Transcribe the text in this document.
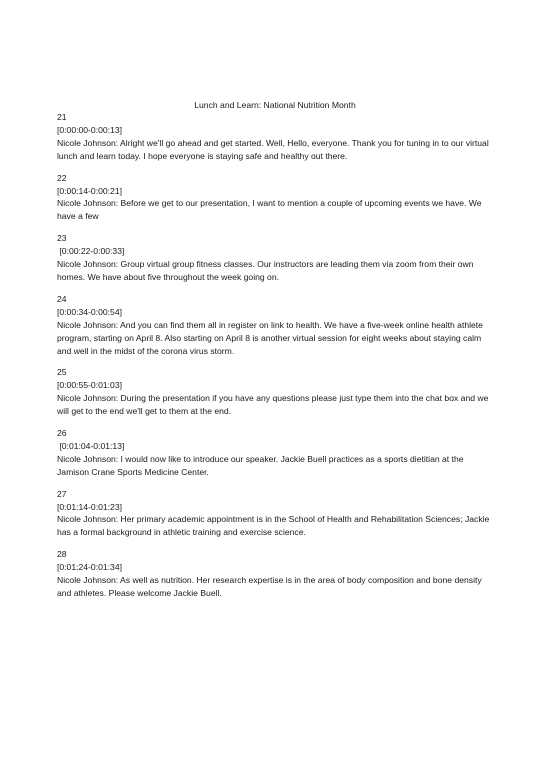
Lunch and Learn: National Nutrition Month
21
[0:00:00-0:00:13]
Nicole Johnson: Alright we'll go ahead and get started. Well, Hello, everyone. Thank you for tuning in to our virtual lunch and learn today. I hope everyone is staying safe and healthy out there.
22
[0:00:14-0:00:21]
Nicole Johnson: Before we get to our presentation, I want to mention a couple of upcoming events we have. We have a few
23
[0:00:22-0:00:33]
Nicole Johnson: Group virtual group fitness classes. Our instructors are leading them via zoom from their own homes. We have about five throughout the week going on.
24
[0:00:34-0:00:54]
Nicole Johnson: And you can find them all in register on link to health. We have a five-week online health athlete program, starting on April 8. Also starting on April 8 is another virtual session for eight weeks about staying calm and well in the midst of the corona virus storm.
25
[0:00:55-0:01:03]
Nicole Johnson: During the presentation if you have any questions please just type them into the chat box and we will get to the end we'll get to them at the end.
26
[0:01:04-0:01:13]
Nicole Johnson: I would now like to introduce our speaker. Jackie Buell practices as a sports dietitian at the Jamison Crane Sports Medicine Center.
27
[0:01:14-0:01:23]
Nicole Johnson: Her primary academic appointment is in the School of Health and Rehabilitation Sciences; Jackie has a formal background in athletic training and exercise science.
28
[0:01:24-0:01:34]
Nicole Johnson: As well as nutrition. Her research expertise is in the area of body composition and bone density and athletes. Please welcome Jackie Buell.
